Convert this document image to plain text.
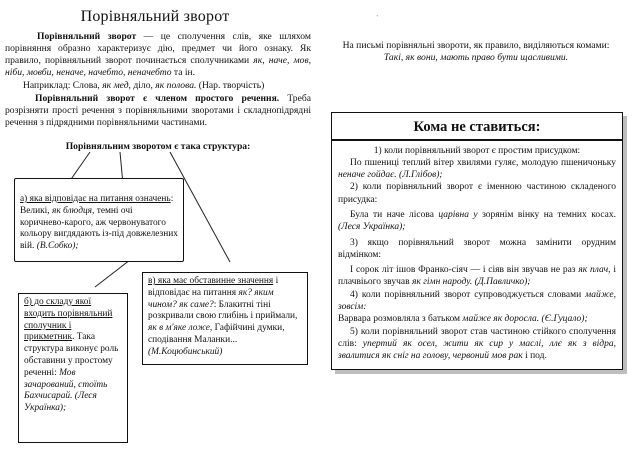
Порівняльний зворот
Порівняльний зворот — це сполучення слів, яке шляхом порівняння образно характеризує дію, предмет чи його ознаку. Як правило, порівняльний зворот починається сполучниками як, наче, мов, ніби, мовби, неначе, начебто, неначебто та ін.
Наприклад: Слова, як мед, діло, як полова. (Нар. творчість)
Порівняльний зворот є членом простого речення. Треба розрізняти прості речення з порівняльними зворотами і складнопідрядні речення з підрядними порівняльними частинами.
Порівняльним зворотом є така структура:
а) яка відповідає на питання означень: Великі, як блюдця, темні очі коричнево-карого, аж червонуватого кольору вигдядають із-під довжелезних вій. (В.Собко);
б) до складу якої входить порівняльний сполучник і прикметник. Така структура виконує роль обставини у простому реченні: Мов зачарований, стоїть Бахчисарай. (Леся Українка);
в) яка має обставинне значення і відповідає на питання як? яким чином? як саме?: Блакитні тіні розкривали свою глибінь і приймали, як в м'яке ложе, Гафійчині думки, сподівання Маланки... (М.Коцюбинський)
`
На письмі порівняльні звороти, як правило, виділяються комами:
Такі, як вони, мають право бути щасливими.
Кома не ставиться:
1) коли порівняльний зворот є простим присудком:
По пшениці теплий вітер хвилями гуляє, молодую пшеничоньку неначе гойдає. (Л.Глібов);
2) коли порівняльний зворот є іменною частиною складеного присудка:
Була ти наче лісова царівна у зорянім вінку на темних косах. (Леся Українка);
3) якщо порівняльний зворот можна замінити орудним відмінком:
І сорок літ ішов Франко-сіяч — і сіяв він звучав не раз як плач, і плачвіього звучав як гімн народу. (Д.Павличко);
4) коли порівняльний зворот супроводжується словами майже, зовсім:
Варвара розмовляла з батьком майже як доросла. (Є.Гуцало);
5) коли порівняльний зворот став частиною стійкого сполучення слів: упертий як осел, жити як сир у маслі, ллє як з відра, звалитися як сніг на голову, червоний мов рак і под.
